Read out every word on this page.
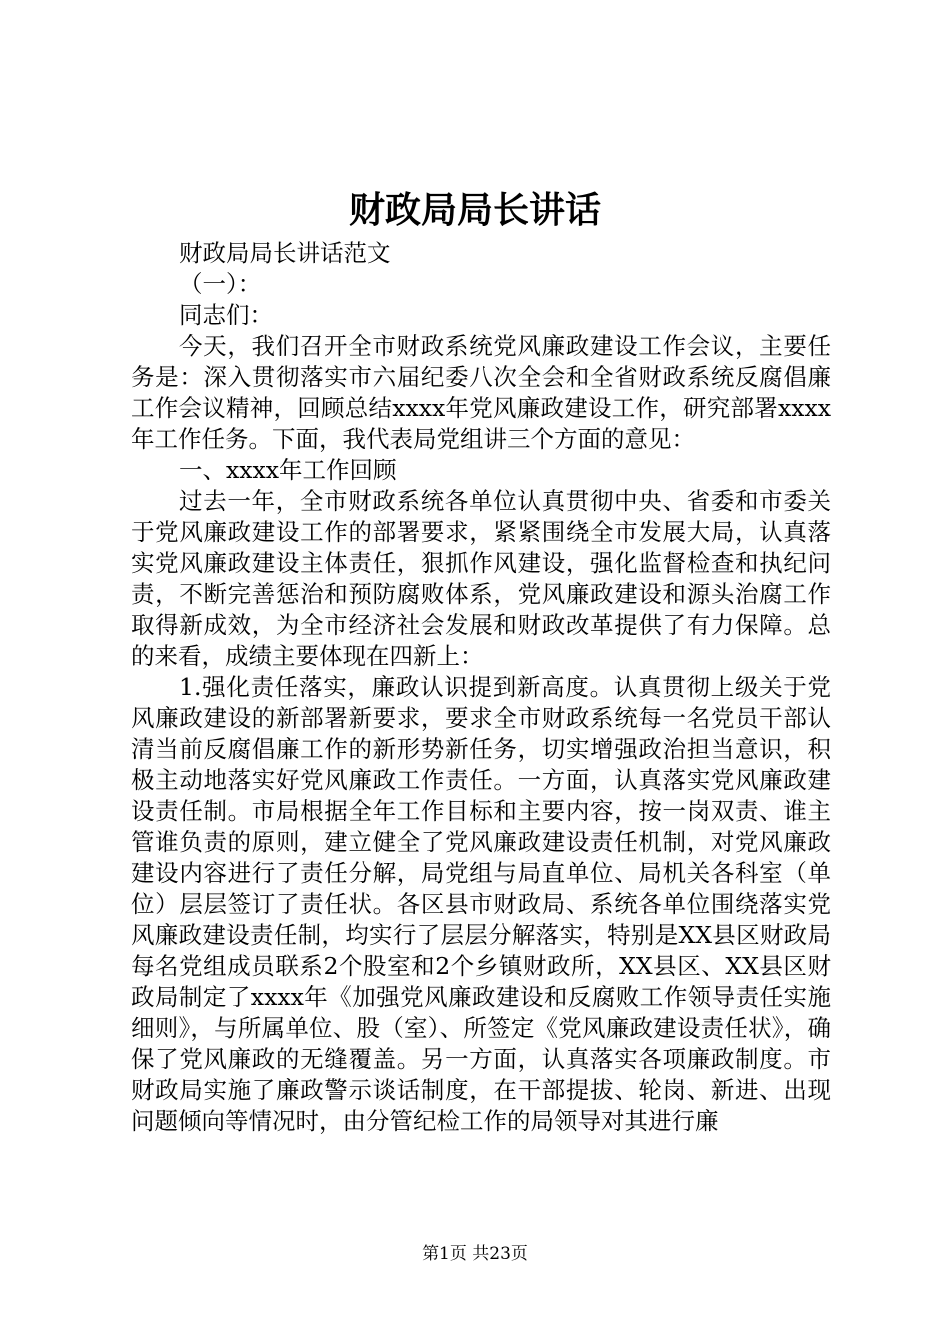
财政局局长讲话

财政局局长讲话范文

（一）：

同志们：

今天，我们召开全市财政系统党风廉政建设工作会议，主要任务是：深入贯彻落实市六届纪委八次全会和全省财政系统反腐倡廉工作会议精神，回顾总结xxxx年党风廉政建设工作，研究部署xxxx年工作任务。下面，我代表局党组讲三个方面的意见：

一、xxxx年工作回顾

过去一年，全市财政系统各单位认真贯彻中央、省委和市委关于党风廉政建设工作的部署要求，紧紧围绕全市发展大局，认真落实党风廉政建设主体责任，狠抓作风建设，强化监督检查和执纪问责，不断完善惩治和预防腐败体系，党风廉政建设和源头治腐工作取得新成效，为全市经济社会发展和财政改革提供了有力保障。总的来看，成绩主要体现在四新上：

1.强化责任落实，廉政认识提到新高度。认真贯彻上级关于党风廉政建设的新部署新要求，要求全市财政系统每一名党员干部认清当前反腐倡廉工作的新形势新任务，切实增强政治担当意识，积极主动地落实好党风廉政工作责任。一方面，认真落实党风廉政建设责任制。市局根据全年工作目标和主要内容，按一岗双责、谁主管谁负责的原则，建立健全了党风廉政建设责任机制，对党风廉政建设内容进行了责任分解，局党组与局直单位、局机关各科室（单位）层层签订了责任状。各区县市财政局、系统各单位围绕落实党风廉政建设责任制，均实行了层层分解落实，特别是XX县区财政局每名党组成员联系2个股室和2个乡镇财政所，XX县区、XX县区财政局制定了xxxx年《加强党风廉政建设和反腐败工作领导责任实施细则》，与所属单位、股（室）、所签定《党风廉政建设责任状》，确保了党风廉政的无缝覆盖。另一方面，认真落实各项廉政制度。市财政局实施了廉政警示谈话制度，在干部提拔、轮岗、新进、出现问题倾向等情况时，由分管纪检工作的局领导对其进行廉

第1页 共23页
